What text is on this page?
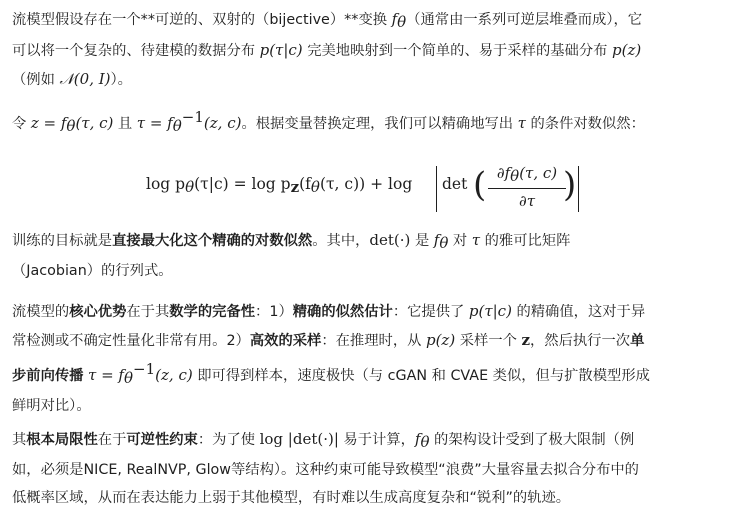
流模型假设存在一个**可逆的、双射的（bijective）**变换 $f_\theta$（通常由一系列可逆层堆叠而成），它
可以将一个复杂的、待建模的数据分布 p(τ|c) 完美地映射到一个简单的、易于采样的基础分布 p(z)
（例如 𝒩(0, I)）。

令 $z = f_\theta(\tau$, c) 且 $\tau = f_\theta^{-1}(z$, c)。根据变量替换定理，我们可以精确地写出 τ 的条件对数似然：

$\log p_\theta(\tau|c) = \log p_z(f_\theta(\tau$, c)) + log det ( $\partial f_\theta(\tau$, c)
∂τ )

训练的目标就是直接最大化这个精确的对数似然。其中，det(·) 是 $f_\theta$ 对 τ 的雅可比矩阵
（Jacobian）的行列式。

流模型的核心优势在于其数学的完备性：1）精确的似然估计：它提供了 p(τ|c) 的精确值，这对于异
常检测或不确定性量化非常有用。2）高效的采样：在推理时，从 p(z) 采样一个 z，然后执行一次单
步前向传播 $\tau = f_\theta^{-1}(z$, c) 即可得到样本，速度极快（与 cGAN 和 CVAE 类似，但与扩散模型形成
鲜明对比）。

其根本局限性在于可逆性约束：为了使 log |det(·)| 易于计算，$f_\theta$ 的架构设计受到了极大限制（例
如，必须是NICE, RealNVP, Glow等结构）。这种约束可能导致模型“浪费”大量容量去拟合分布中的
低概率区域，从而在表达能力上弱于其他模型，有时难以生成高度复杂和“锐利”的轨迹。
